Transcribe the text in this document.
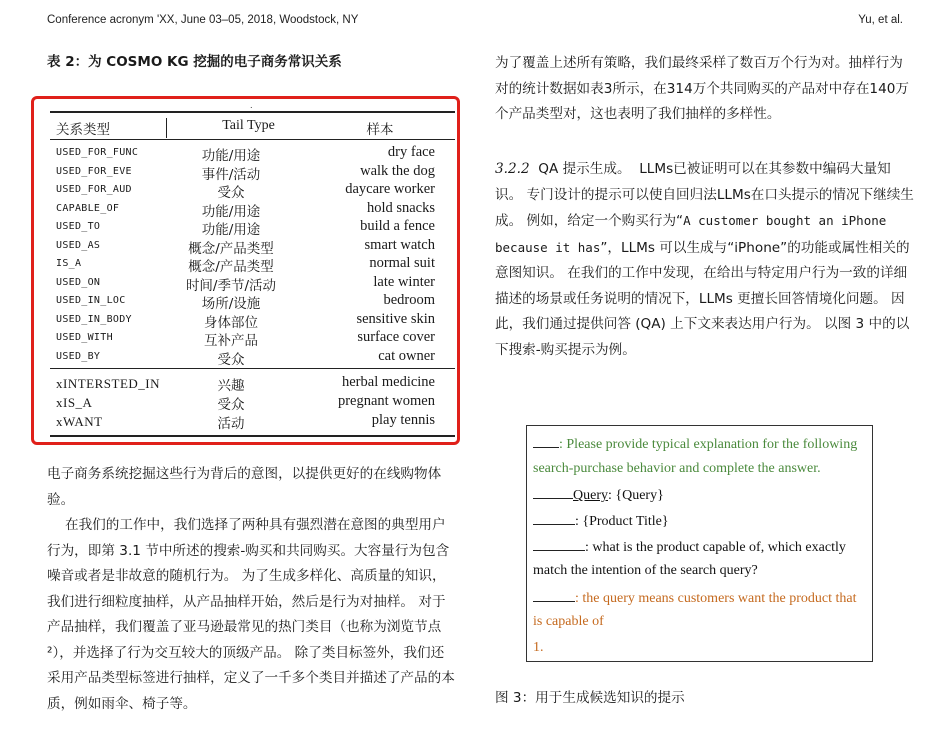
Conference acronym 'XX, June 03–05, 2018, Woodstock, NY	Yu, et al.
表 2：为 COSMO KG 挖掘的电子商务常识关系
.
关系类型	Tail Type	样本
USED_FOR_FUNC	功能/用途	dry face
USED_FOR_EVE	事件/活动	walk the dog
USED_FOR_AUD	受众	daycare worker
CAPABLE_OF	功能/用途	hold snacks
USED_TO	功能/用途	build a fence
USED_AS	概念/产品类型	smart watch
IS_A	概念/产品类型	normal suit
USED_ON	时间/季节/活动	late winter
USED_IN_LOC	场所/设施	bedroom
USED_IN_BODY	身体部位	sensitive skin
USED_WITH	互补产品	surface cover
USED_BY	受众	cat owner
xINTERSTED_IN	兴趣	herbal medicine
xIS_A	受众	pregnant women
xWANT	活动	play tennis
电子商务系统挖掘这些行为背后的意图，以提供更好的在线购物体验。
在我们的工作中，我们选择了两种具有强烈潜在意图的典型用户行为，即第 3.1 节中所述的搜索-购买和共同购买。大容量行为包含噪音或者是非故意的随机行为。 为了生成多样化、高质量的知识，我们进行细粒度抽样，从产品抽样开始，然后是行为对抽样。 对于产品抽样，我们覆盖了亚马逊最常见的热门类目（也称为浏览节点²），并选择了行为交互较大的顶级产品。 除了类目标签外，我们还采用产品类型标签进行抽样，定义了一千多个类目并描述了产品的本质，例如雨伞、椅子等。
为了覆盖上述所有策略，我们最终采样了数百万个行为对。抽样行为对的统计数据如表3所示，在314万个共同购买的产品对中存在140万个产品类型对，这也表明了我们抽样的多样性。
3.2.2 QA 提示生成。 LLMs已被证明可以在其参数中编码大量知识。 专门设计的提示可以使自回归法LLMs在口头提示的情况下继续生成。 例如，给定一个购买行为“A customer bought an iPhone because it has”，LLMs 可以生成与“iPhone”的功能或属性相关的意图知识。 在我们的工作中发现，在给出与特定用户行为一致的详细描述的场景或任务说明的情况下，LLMs 更擅长回答情境化问题。 因此，我们通过提供问答 (QA) 上下文来表达用户行为。 以图 3 中的以下搜索-购买提示为例。
: Please provide typical explanation for the following
search-purchase behavior and complete the answer.
Query: {Query}
: {Product Title}
: what is the product capable of, which exactly
match the intention of the search query?
: the query means customers want the product that
is capable of
1.
图 3：用于生成候选知识的提示
